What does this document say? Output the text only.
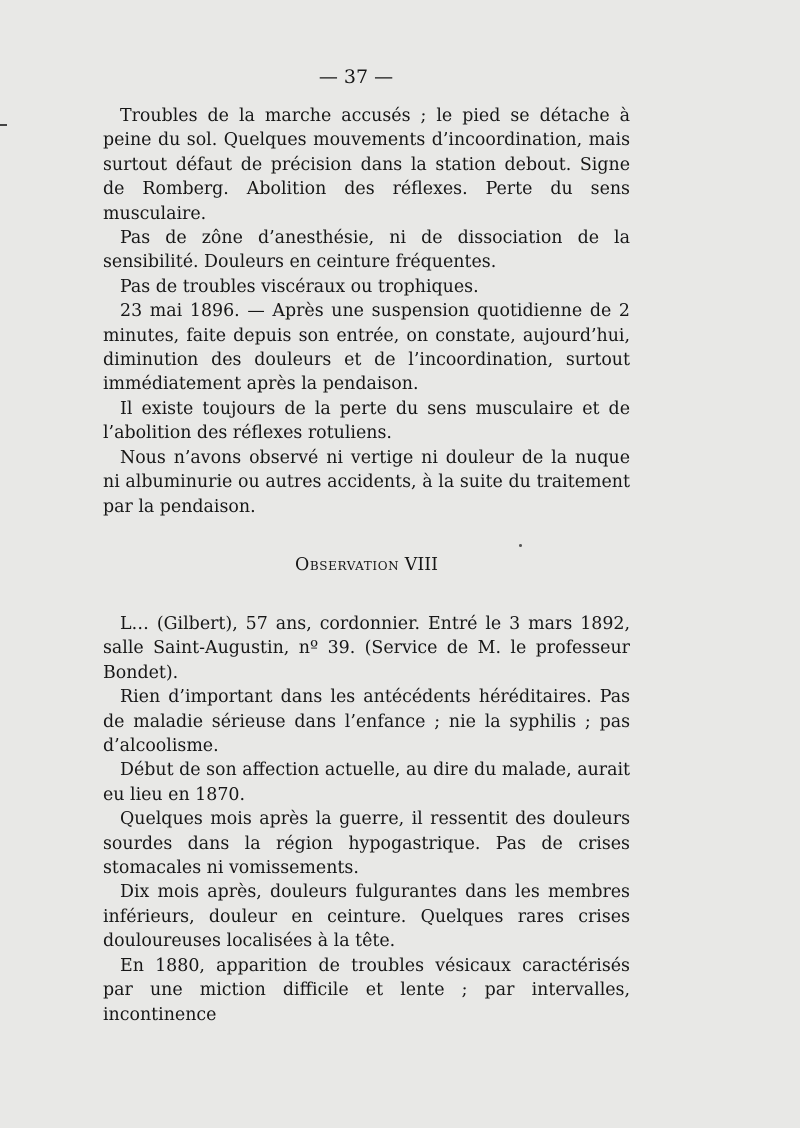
— 37 —

Troubles de la marche accusés ; le pied se détache à peine du sol. Quelques mouvements d’incoordination, mais surtout défaut de précision dans la station debout. Signe de Romberg. Abolition des réflexes. Perte du sens musculaire.

Pas de zône d’anesthésie, ni de dissociation de la sensibilité. Douleurs en ceinture fréquentes.

Pas de troubles viscéraux ou trophiques.

23 mai 1896. — Après une suspension quotidienne de 2 minutes, faite depuis son entrée, on constate, aujourd’hui, diminution des douleurs et de l’incoordination, surtout immédiatement après la pendaison.

Il existe toujours de la perte du sens musculaire et de l’abolition des réflexes rotuliens.

Nous n’avons observé ni vertige ni douleur de la nuque ni albuminurie ou autres accidents, à la suite du traitement par la pendaison.

Observation VIII

L… (Gilbert), 57 ans, cordonnier. Entré le 3 mars 1892, salle Saint-Augustin, nº 39. (Service de M. le professeur Bondet).

Rien d’important dans les antécédents héréditaires. Pas de maladie sérieuse dans l’enfance ; nie la syphilis ; pas d’alcoolisme.

Début de son affection actuelle, au dire du malade, aurait eu lieu en 1870.

Quelques mois après la guerre, il ressentit des douleurs sourdes dans la région hypogastrique. Pas de crises stomacales ni vomissements.

Dix mois après, douleurs fulgurantes dans les membres inférieurs, douleur en ceinture. Quelques rares crises douloureuses localisées à la tête.

En 1880, apparition de troubles vésicaux caractérisés par une miction difficile et lente ; par intervalles, incontinence
